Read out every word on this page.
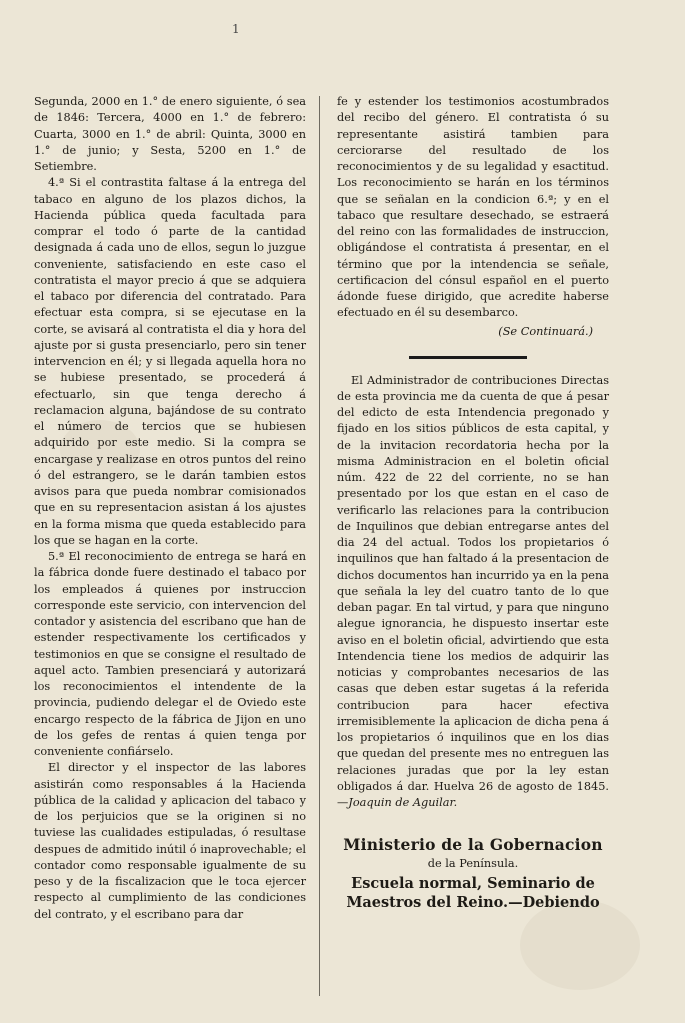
1

Segunda, 2000 en 1.° de enero siguiente, ó sea de 1846: Tercera, 4000 en 1.° de febrero: Cuarta, 3000 en 1.° de abril: Quinta, 3000 en 1.° de junio; y Sesta, 5200 en 1.° de Setiembre.

4.ª Si el contrastita faltase á la entrega del tabaco en alguno de los plazos dichos, la Hacienda pública queda facultada para comprar el todo ó parte de la cantidad designada á cada uno de ellos, segun lo juzgue conveniente, satisfaciendo en este caso el contratista el mayor precio á que se adquiera el tabaco por diferencia del contratado. Para efectuar esta compra, si se ejecutase en la corte, se avisará al contratista el dia y hora del ajuste por si gusta presenciarlo, pero sin tener intervencion en él; y si llegada aquella hora no se hubiese presentado, se procederá á efectuarlo, sin que tenga derecho á reclamacion alguna, bajándose de su contrato el número de tercios que se hubiesen adquirido por este medio. Si la compra se encargase y realizase en otros puntos del reino ó del estrangero, se le darán tambien estos avisos para que pueda nombrar comisionados que en su representacion asistan á los ajustes en la forma misma que queda establecido para los que se hagan en la corte.

5.ª El reconocimiento de entrega se hará en la fábrica donde fuere destinado el tabaco por los empleados á quienes por instruccion corresponde este servicio, con intervencion del contador y asistencia del escribano que han de estender respectivamente los certificados y testimonios en que se consigne el resultado de aquel acto. Tambien presenciará y autorizará los reconocimientos el intendente de la provincia, pudiendo delegar el de Oviedo este encargo respecto de la fábrica de Jijon en uno de los gefes de rentas á quien tenga por conveniente confiárselo.

El director y el inspector de las labores asistirán como responsables á la Hacienda pública de la calidad y aplicacion del tabaco y de los perjuicios que se la originen si no tuviese las cualidades estipuladas, ó resultase despues de admitido inútil ó inaprovechable; el contador como responsable igualmente de su peso y de la fiscalizacion que le toca ejercer respecto al cumplimiento de las condiciones del contrato, y el escribano para dar

fe y estender los testimonios acostumbrados del recibo del género. El contratista ó su representante asistirá tambien para cerciorarse del resultado de los reconocimientos y de su legalidad y esactitud. Los reconocimiento se harán en los términos que se señalan en la condicion 6.ª; y en el tabaco que resultare desechado, se estraerá del reino con las formalidades de instruccion, obligándose el contratista á presentar, en el término que por la intendencia se señale, certificacion del cónsul español en el puerto ádonde fuese dirigido, que acredite haberse efectuado en él su desembarco.

(Se Continuará.)

El Administrador de contribuciones Directas de esta provincia me da cuenta de que á pesar del edicto de esta Intendencia pregonado y fijado en los sitios públicos de esta capital, y de la invitacion recordatoria hecha por la misma Administracion en el boletin oficial núm. 422 de 22 del corriente, no se han presentado por los que estan en el caso de verificarlo las relaciones para la contribucion de Inquilinos que debian entregarse antes del dia 24 del actual. Todos los propietarios ó inquilinos que han faltado á la presentacion de dichos documentos han incurrido ya en la pena que señala la ley del cuatro tanto de lo que deban pagar. En tal virtud, y para que ninguno alegue ignorancia, he dispuesto insertar este aviso en el boletin oficial, advirtiendo que esta Intendencia tiene los medios de adquirir las noticias y comprobantes necesarios de las casas que deben estar sugetas á la referida contribucion para hacer efectiva irremisiblemente la aplicacion de dicha pena á los propietarios ó inquilinos que en los dias que quedan del presente mes no entreguen las relaciones juradas que por la ley estan obligados á dar. Huelva 26 de agosto de 1845.—Joaquin de Aguilar.

Ministerio de la Gobernacion
de la Península.
Escuela normal, Seminario de Maestros del Reino.—Debiendo
